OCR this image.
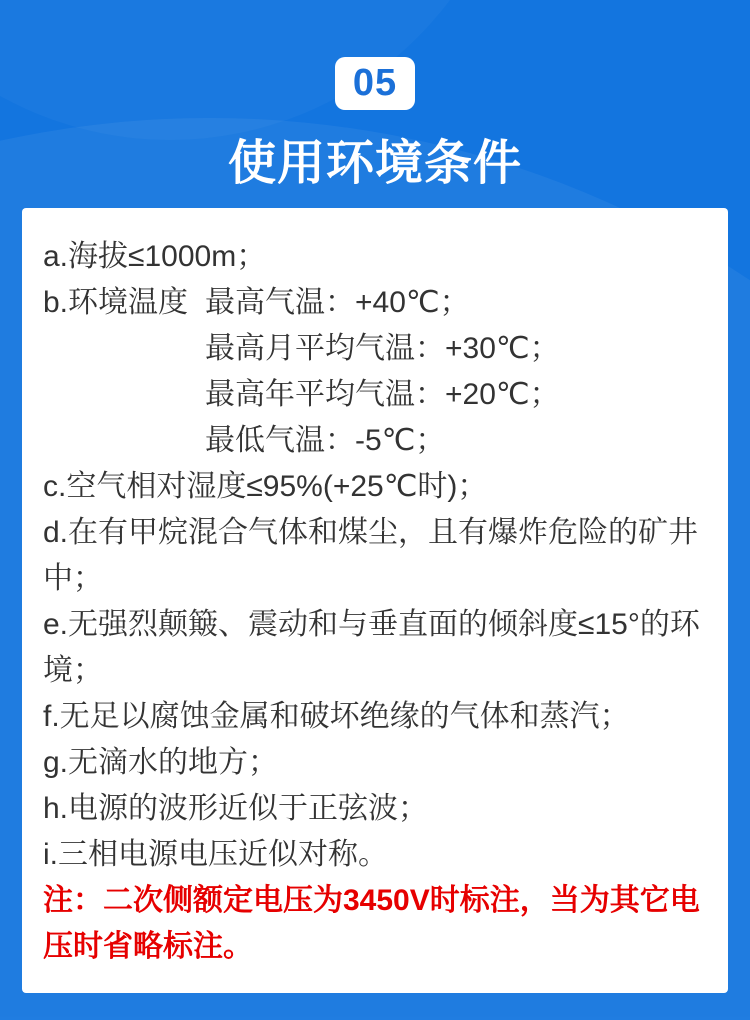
05
使用环境条件
a.海拔≤1000m；
b.环境温度 最高气温：+40℃；
最高月平均气温：+30℃；
最高年平均气温：+20℃；
最低气温：-5℃；
c.空气相对湿度≤95%(+25℃时)；
d.在有甲烷混合气体和煤尘，且有爆炸危险的矿井中；
e.无强烈颠簸、震动和与垂直面的倾斜度≤15°的环境；
f.无足以腐蚀金属和破坏绝缘的气体和蒸汽；
g.无滴水的地方；
h.电源的波形近似于正弦波；
i.三相电源电压近似对称。
注：二次侧额定电压为3450V时标注，当为其它电压时省略标注。
